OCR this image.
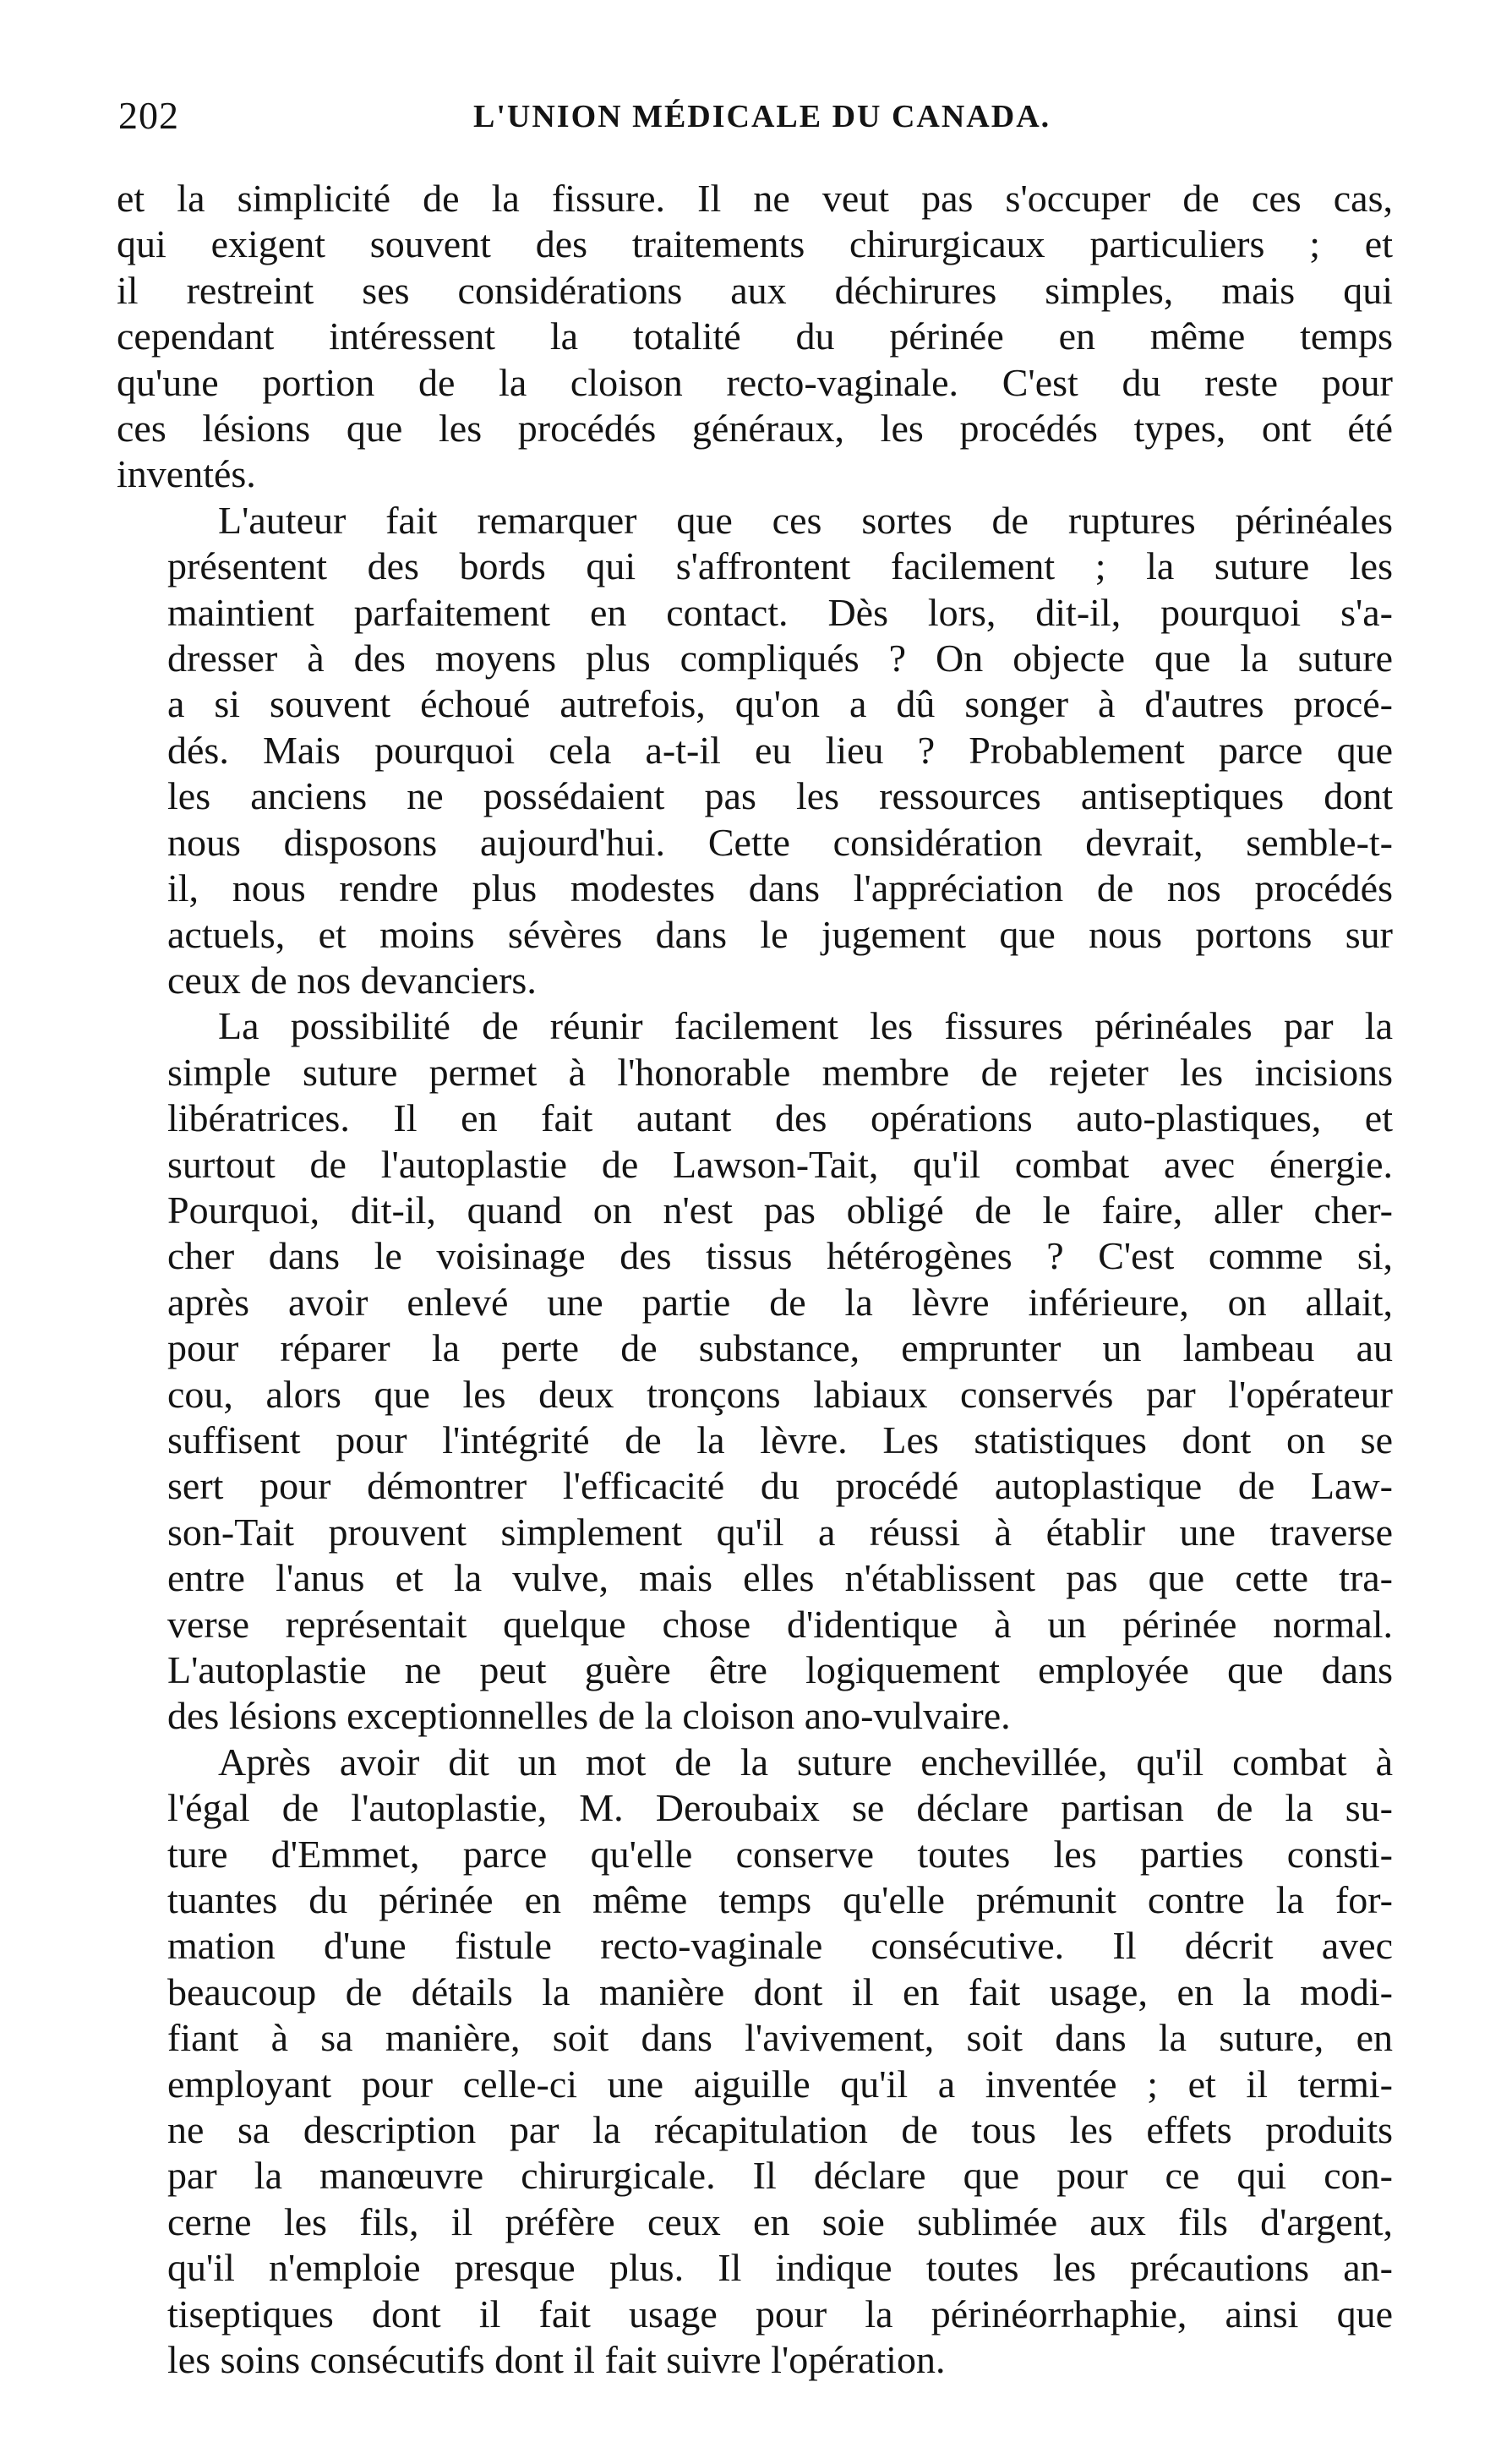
202	L'UNION MÉDICALE DU CANADA.

et la simplicité de la fissure. Il ne veut pas s'occuper de ces cas,
qui exigent souvent des traitements chirurgicaux particuliers ; et
il restreint ses considérations aux déchirures simples, mais qui
cependant intéressent la totalité du périnée en même temps
qu'une portion de la cloison recto-vaginale. C'est du reste pour
ces lésions que les procédés généraux, les procédés types, ont été
inventés.

L'auteur fait remarquer que ces sortes de ruptures périnéales
présentent des bords qui s'affrontent facilement ; la suture les
maintient parfaitement en contact. Dès lors, dit-il, pourquoi s'a-
dresser à des moyens plus compliqués ? On objecte que la suture
a si souvent échoué autrefois, qu'on a dû songer à d'autres procé-
dés. Mais pourquoi cela a-t-il eu lieu ? Probablement parce que
les anciens ne possédaient pas les ressources antiseptiques dont
nous disposons aujourd'hui. Cette considération devrait, semble-t-
il, nous rendre plus modestes dans l'appréciation de nos procédés
actuels, et moins sévères dans le jugement que nous portons sur
ceux de nos devanciers.

La possibilité de réunir facilement les fissures périnéales par la
simple suture permet à l'honorable membre de rejeter les incisions
libératrices. Il en fait autant des opérations auto-plastiques, et
surtout de l'autoplastie de Lawson-Tait, qu'il combat avec énergie.
Pourquoi, dit-il, quand on n'est pas obligé de le faire, aller cher-
cher dans le voisinage des tissus hétérogènes ? C'est comme si,
après avoir enlevé une partie de la lèvre inférieure, on allait,
pour réparer la perte de substance, emprunter un lambeau au
cou, alors que les deux tronçons labiaux conservés par l'opérateur
suffisent pour l'intégrité de la lèvre. Les statistiques dont on se
sert pour démontrer l'efficacité du procédé autoplastique de Law-
son-Tait prouvent simplement qu'il a réussi à établir une traverse
entre l'anus et la vulve, mais elles n'établissent pas que cette tra-
verse représentait quelque chose d'identique à un périnée normal.
L'autoplastie ne peut guère être logiquement employée que dans
des lésions exceptionnelles de la cloison ano-vulvaire.

Après avoir dit un mot de la suture enchevillée, qu'il combat à
l'égal de l'autoplastie, M. Deroubaix se déclare partisan de la su-
ture d'Emmet, parce qu'elle conserve toutes les parties consti-
tuantes du périnée en même temps qu'elle prémunit contre la for-
mation d'une fistule recto-vaginale consécutive. Il décrit avec
beaucoup de détails la manière dont il en fait usage, en la modi-
fiant à sa manière, soit dans l'avivement, soit dans la suture, en
employant pour celle-ci une aiguille qu'il a inventée ; et il termi-
ne sa description par la récapitulation de tous les effets produits
par la manœuvre chirurgicale. Il déclare que pour ce qui con-
cerne les fils, il préfère ceux en soie sublimée aux fils d'argent,
qu'il n'emploie presque plus. Il indique toutes les précautions an-
tiseptiques dont il fait usage pour la périnéorrhaphie, ainsi que
les soins consécutifs dont il fait suivre l'opération.
